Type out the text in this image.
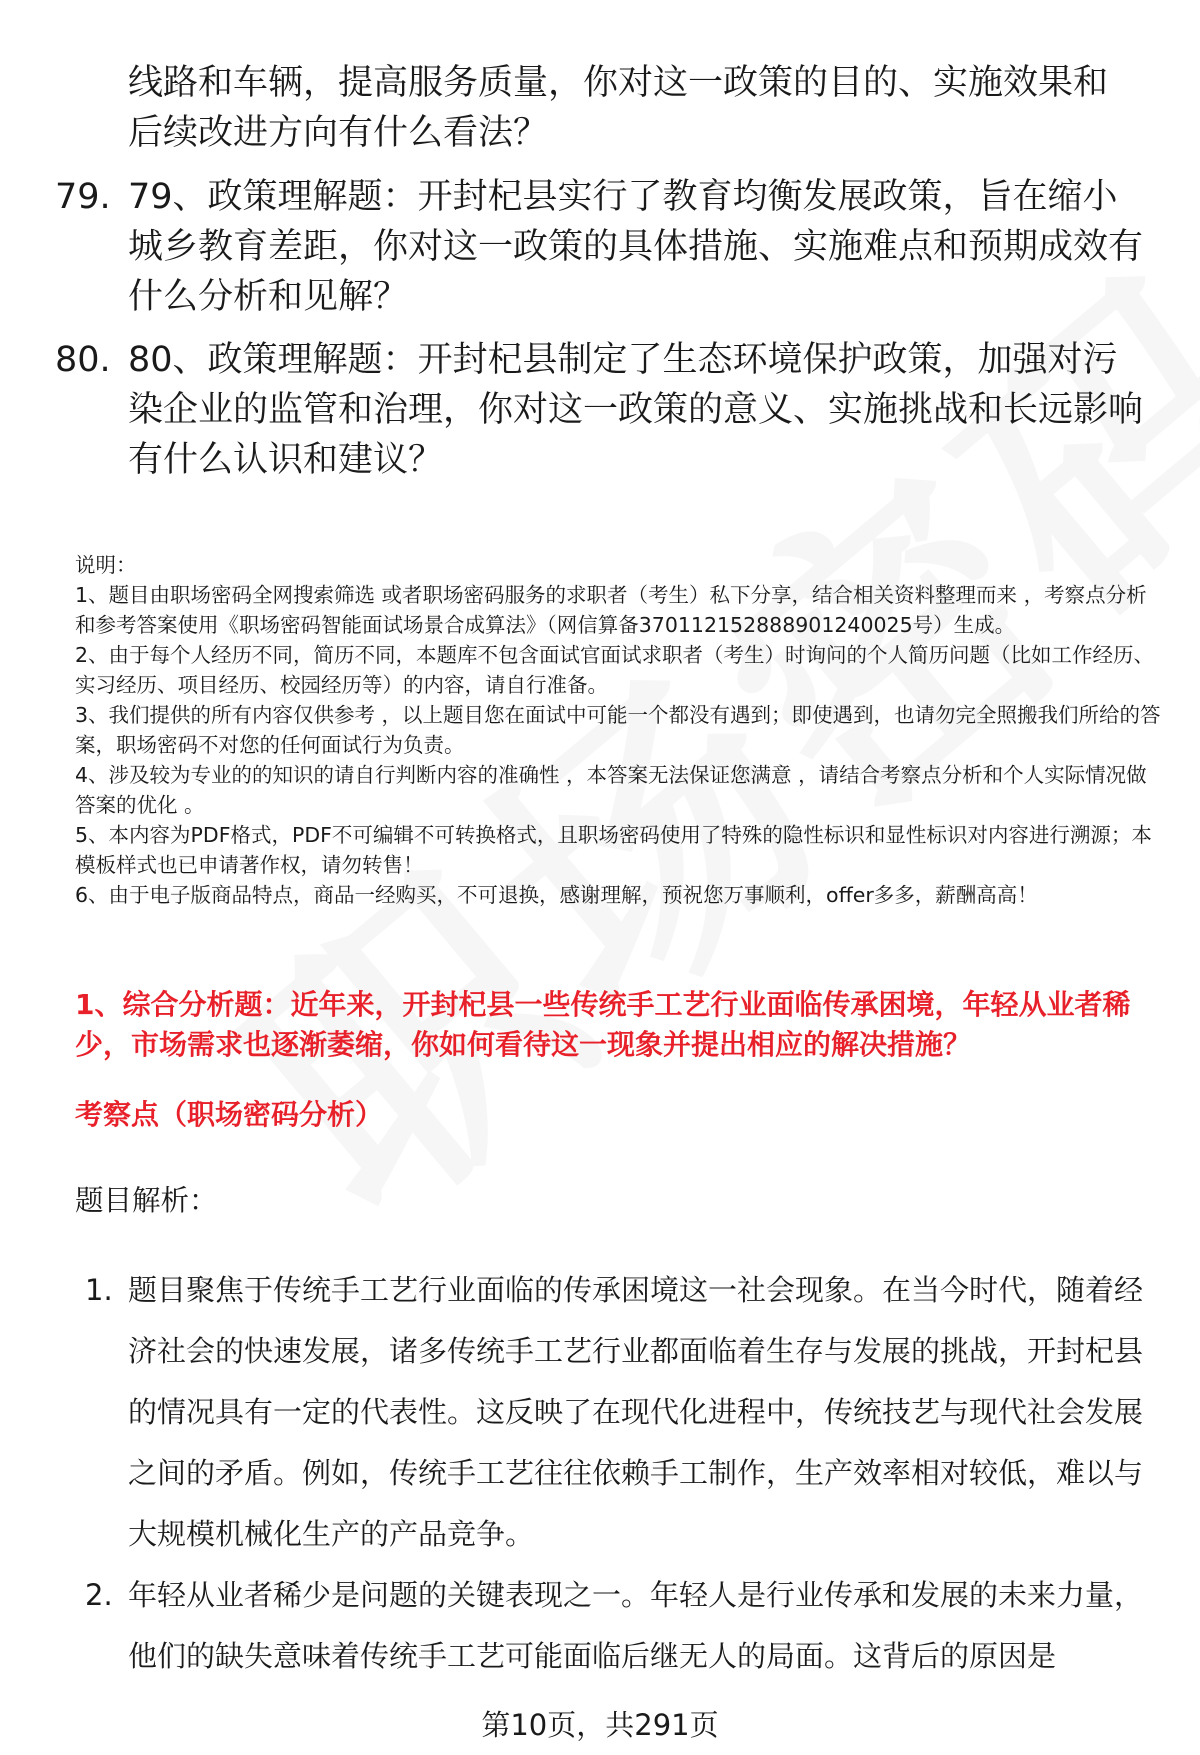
线路和车辆，提高服务质量，你对这一政策的目的、实施效果和后续改进方向有什么看法？
79. 79、政策理解题：开封杞县实行了教育均衡发展政策，旨在缩小城乡教育差距，你对这一政策的具体措施、实施难点和预期成效有什么分析和见解？
80. 80、政策理解题：开封杞县制定了生态环境保护政策，加强对污染企业的监管和治理，你对这一政策的意义、实施挑战和长远影响有什么认识和建议？

说明：

1、题目由职场密码全网搜索筛选 或者职场密码服务的求职者（考生）私下分享，结合相关资料整理而来 ，考察点分析和参考答案使用《职场密码智能面试场景合成算法》（网信算备370112152888901240025号）生成。

2、由于每个人经历不同，简历不同，本题库不包含面试官面试求职者（考生）时询问的个人简历问题（比如工作经历、实习经历、项目经历、校园经历等）的内容，请自行准备。

3、我们提供的所有内容仅供参考 ，以上题目您在面试中可能一个都没有遇到；即使遇到，也请勿完全照搬我们所给的答案，职场密码不对您的任何面试行为负责。

4、涉及较为专业的的知识的请自行判断内容的准确性 ，本答案无法保证您满意 ，请结合考察点分析和个人实际情况做答案的优化 。

5、本内容为PDF格式，PDF不可编辑不可转换格式，且职场密码使用了特殊的隐性标识和显性标识对内容进行溯源；本模板样式也已申请著作权，请勿转售！

6、由于电子版商品特点，商品一经购买，不可退换，感谢理解，预祝您万事顺利，offer多多，薪酬高高！

1、综合分析题：近年来，开封杞县一些传统手工艺行业面临传承困境，年轻从业者稀少，市场需求也逐渐萎缩，你如何看待这一现象并提出相应的解决措施？
考察点（职场密码分析）
题目解析：
1. 题目聚焦于传统手工艺行业面临的传承困境这一社会现象。在当今时代，随着经济社会的快速发展，诸多传统手工艺行业都面临着生存与发展的挑战，开封杞县的情况具有一定的代表性。这反映了在现代化进程中，传统技艺与现代社会发展之间的矛盾。例如，传统手工艺往往依赖手工制作，生产效率相对较低，难以与大规模机械化生产的产品竞争。
2. 年轻从业者稀少是问题的关键表现之一。年轻人是行业传承和发展的未来力量，他们的缺失意味着传统手工艺可能面临后继无人的局面。这背后的原因是
第10页，共291页
